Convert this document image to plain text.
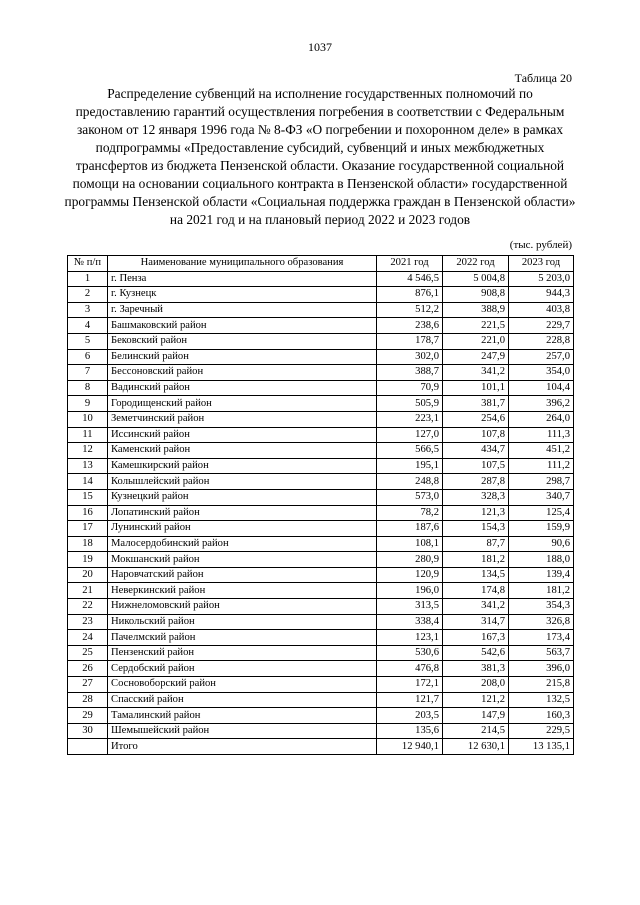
1037
Таблица 20
Распределение субвенций на исполнение государственных полномочий по предоставлению гарантий осуществления погребения в соответствии с Федеральным законом от 12 января 1996 года № 8-ФЗ «О погребении и похоронном деле» в рамках подпрограммы «Предоставление субсидий, субвенций и иных межбюджетных трансфертов из бюджета Пензенской области. Оказание государственной социальной помощи на основании социального контракта в Пензенской области» государственной программы Пензенской области «Социальная поддержка граждан в Пензенской области» на 2021 год и на плановый период 2022 и 2023 годов
(тыс. рублей)
№ п/п	Наименование муниципального образования	2021 год	2022 год	2023 год
1	г. Пенза	4 546,5	5 004,8	5 203,0
2	г. Кузнецк	876,1	908,8	944,3
3	г. Заречный	512,2	388,9	403,8
4	Башмаковский район	238,6	221,5	229,7
5	Бековский район	178,7	221,0	228,8
6	Белинский район	302,0	247,9	257,0
7	Бессоновский район	388,7	341,2	354,0
8	Вадинский район	70,9	101,1	104,4
9	Городищенский район	505,9	381,7	396,2
10	Земетчинский район	223,1	254,6	264,0
11	Иссинский район	127,0	107,8	111,3
12	Каменский район	566,5	434,7	451,2
13	Камешкирский район	195,1	107,5	111,2
14	Колышлейский район	248,8	287,8	298,7
15	Кузнецкий район	573,0	328,3	340,7
16	Лопатинский район	78,2	121,3	125,4
17	Лунинский район	187,6	154,3	159,9
18	Малосердобинский район	108,1	87,7	90,6
19	Мокшанский район	280,9	181,2	188,0
20	Наровчатский район	120,9	134,5	139,4
21	Неверкинский район	196,0	174,8	181,2
22	Нижнеломовский район	313,5	341,2	354,3
23	Никольский район	338,4	314,7	326,8
24	Пачелмский район	123,1	167,3	173,4
25	Пензенский район	530,6	542,6	563,7
26	Сердобский район	476,8	381,3	396,0
27	Сосновоборский район	172,1	208,0	215,8
28	Спасский район	121,7	121,2	132,5
29	Тамалинский район	203,5	147,9	160,3
30	Шемышейский район	135,6	214,5	229,5
	Итого	12 940,1	12 630,1	13 135,1
